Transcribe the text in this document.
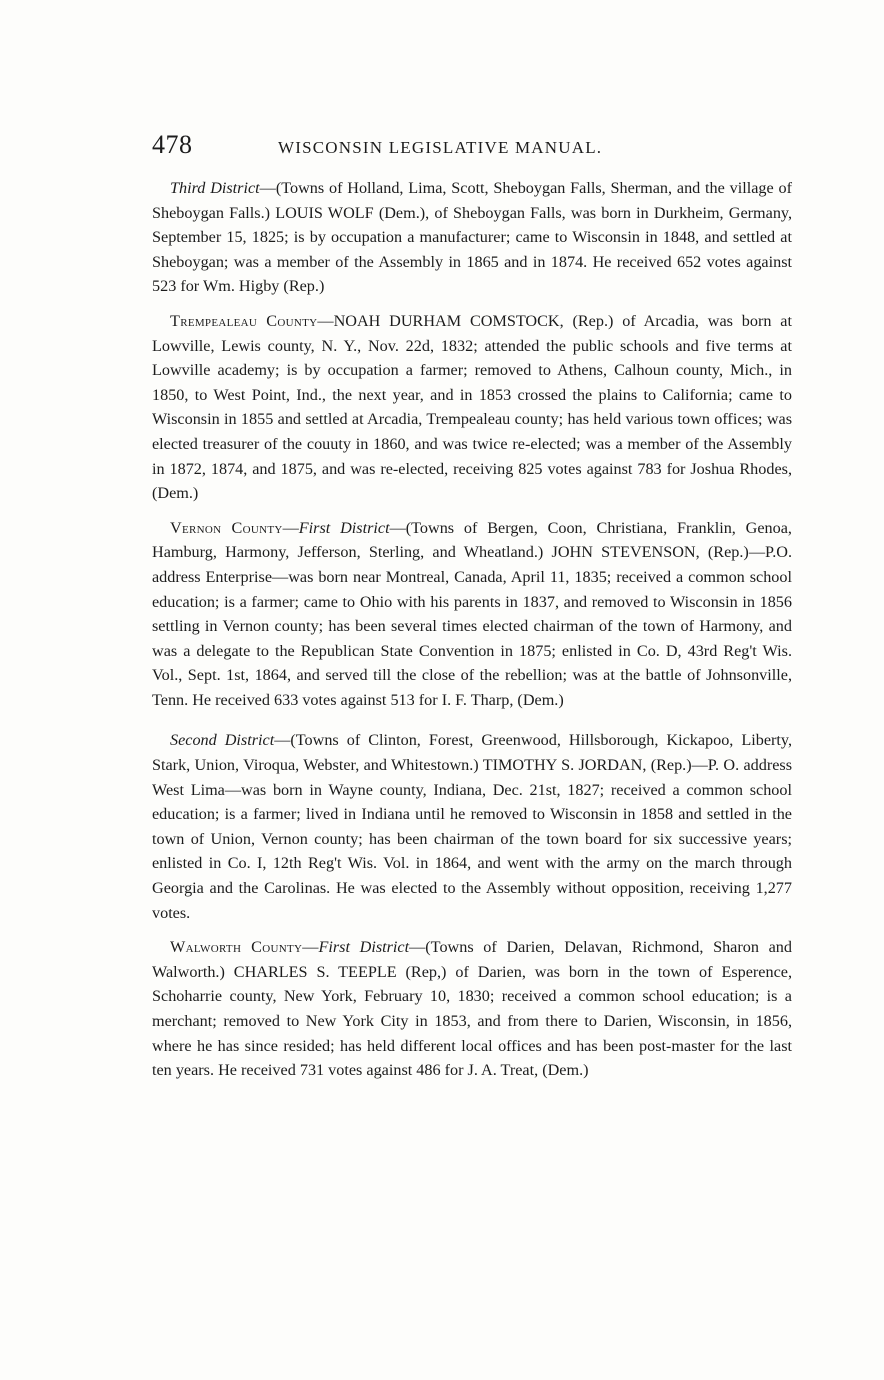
478	WISCONSIN LEGISLATIVE MANUAL.

Third District—(Towns of Holland, Lima, Scott, Sheboygan Falls, Sherman, and the village of Sheboygan Falls.) LOUIS WOLF (Dem.), of Sheboygan Falls, was born in Durkheim, Germany, September 15, 1825; is by occupation a manufacturer; came to Wisconsin in 1848, and settled at Sheboygan; was a member of the Assembly in 1865 and in 1874. He received 652 votes against 523 for Wm. Higby (Rep.)

Trempealeau County—NOAH DURHAM COMSTOCK, (Rep.) of Arcadia, was born at Lowville, Lewis county, N. Y., Nov. 22d, 1832; attended the public schools and five terms at Lowville academy; is by occupation a farmer; removed to Athens, Calhoun county, Mich., in 1850, to West Point, Ind., the next year, and in 1853 crossed the plains to California; came to Wisconsin in 1855 and settled at Arcadia, Trempealeau county; has held various town offices; was elected treasurer of the couuty in 1860, and was twice re-elected; was a member of the Assembly in 1872, 1874, and 1875, and was re-elected, receiving 825 votes against 783 for Joshua Rhodes, (Dem.)

Vernon County—First District—(Towns of Bergen, Coon, Christiana, Franklin, Genoa, Hamburg, Harmony, Jefferson, Sterling, and Wheatland.) JOHN STEVENSON, (Rep.)—P.O. address Enterprise—was born near Montreal, Canada, April 11, 1835; received a common school education; is a farmer; came to Ohio with his parents in 1837, and removed to Wisconsin in 1856 settling in Vernon county; has been several times elected chairman of the town of Harmony, and was a delegate to the Republican State Convention in 1875; enlisted in Co. D, 43rd Reg't Wis. Vol., Sept. 1st, 1864, and served till the close of the rebellion; was at the battle of Johnsonville, Tenn. He received 633 votes against 513 for I. F. Tharp, (Dem.)

Second District—(Towns of Clinton, Forest, Greenwood, Hillsborough, Kickapoo, Liberty, Stark, Union, Viroqua, Webster, and Whitestown.) TIMOTHY S. JORDAN, (Rep.)—P. O. address West Lima—was born in Wayne county, Indiana, Dec. 21st, 1827; received a common school education; is a farmer; lived in Indiana until he removed to Wisconsin in 1858 and settled in the town of Union, Vernon county; has been chairman of the town board for six successive years; enlisted in Co. I, 12th Reg't Wis. Vol. in 1864, and went with the army on the march through Georgia and the Carolinas. He was elected to the Assembly without opposition, receiving 1,277 votes.

Walworth County—First District—(Towns of Darien, Delavan, Richmond, Sharon and Walworth.) CHARLES S. TEEPLE (Rep,) of Darien, was born in the town of Esperence, Schoharrie county, New York, February 10, 1830; received a common school education; is a merchant; removed to New York City in 1853, and from there to Darien, Wisconsin, in 1856, where he has since resided; has held different local offices and has been post-master for the last ten years. He received 731 votes against 486 for J. A. Treat, (Dem.)
